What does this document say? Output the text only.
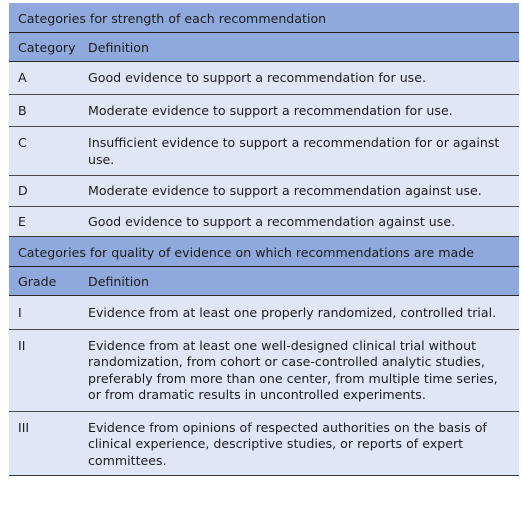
Categories for strength of each recommendation
Category Definition
A	Good evidence to support a recommendation for use.
B	Moderate evidence to support a recommendation for use.
C	Insufficient evidence to support a recommendation for or against use.
D	Moderate evidence to support a recommendation against use.
E	Good evidence to support a recommendation against use.
Categories for quality of evidence on which recommendations are made
Grade	Definition
I	Evidence from at least one properly randomized, controlled trial.
II	Evidence from at least one well-designed clinical trial without randomization, from cohort or case-controlled analytic studies, preferably from more than one center, from multiple time series, or from dramatic results in uncontrolled experiments.
III	Evidence from opinions of respected authorities on the basis of clinical experience, descriptive studies, or reports of expert committees.
